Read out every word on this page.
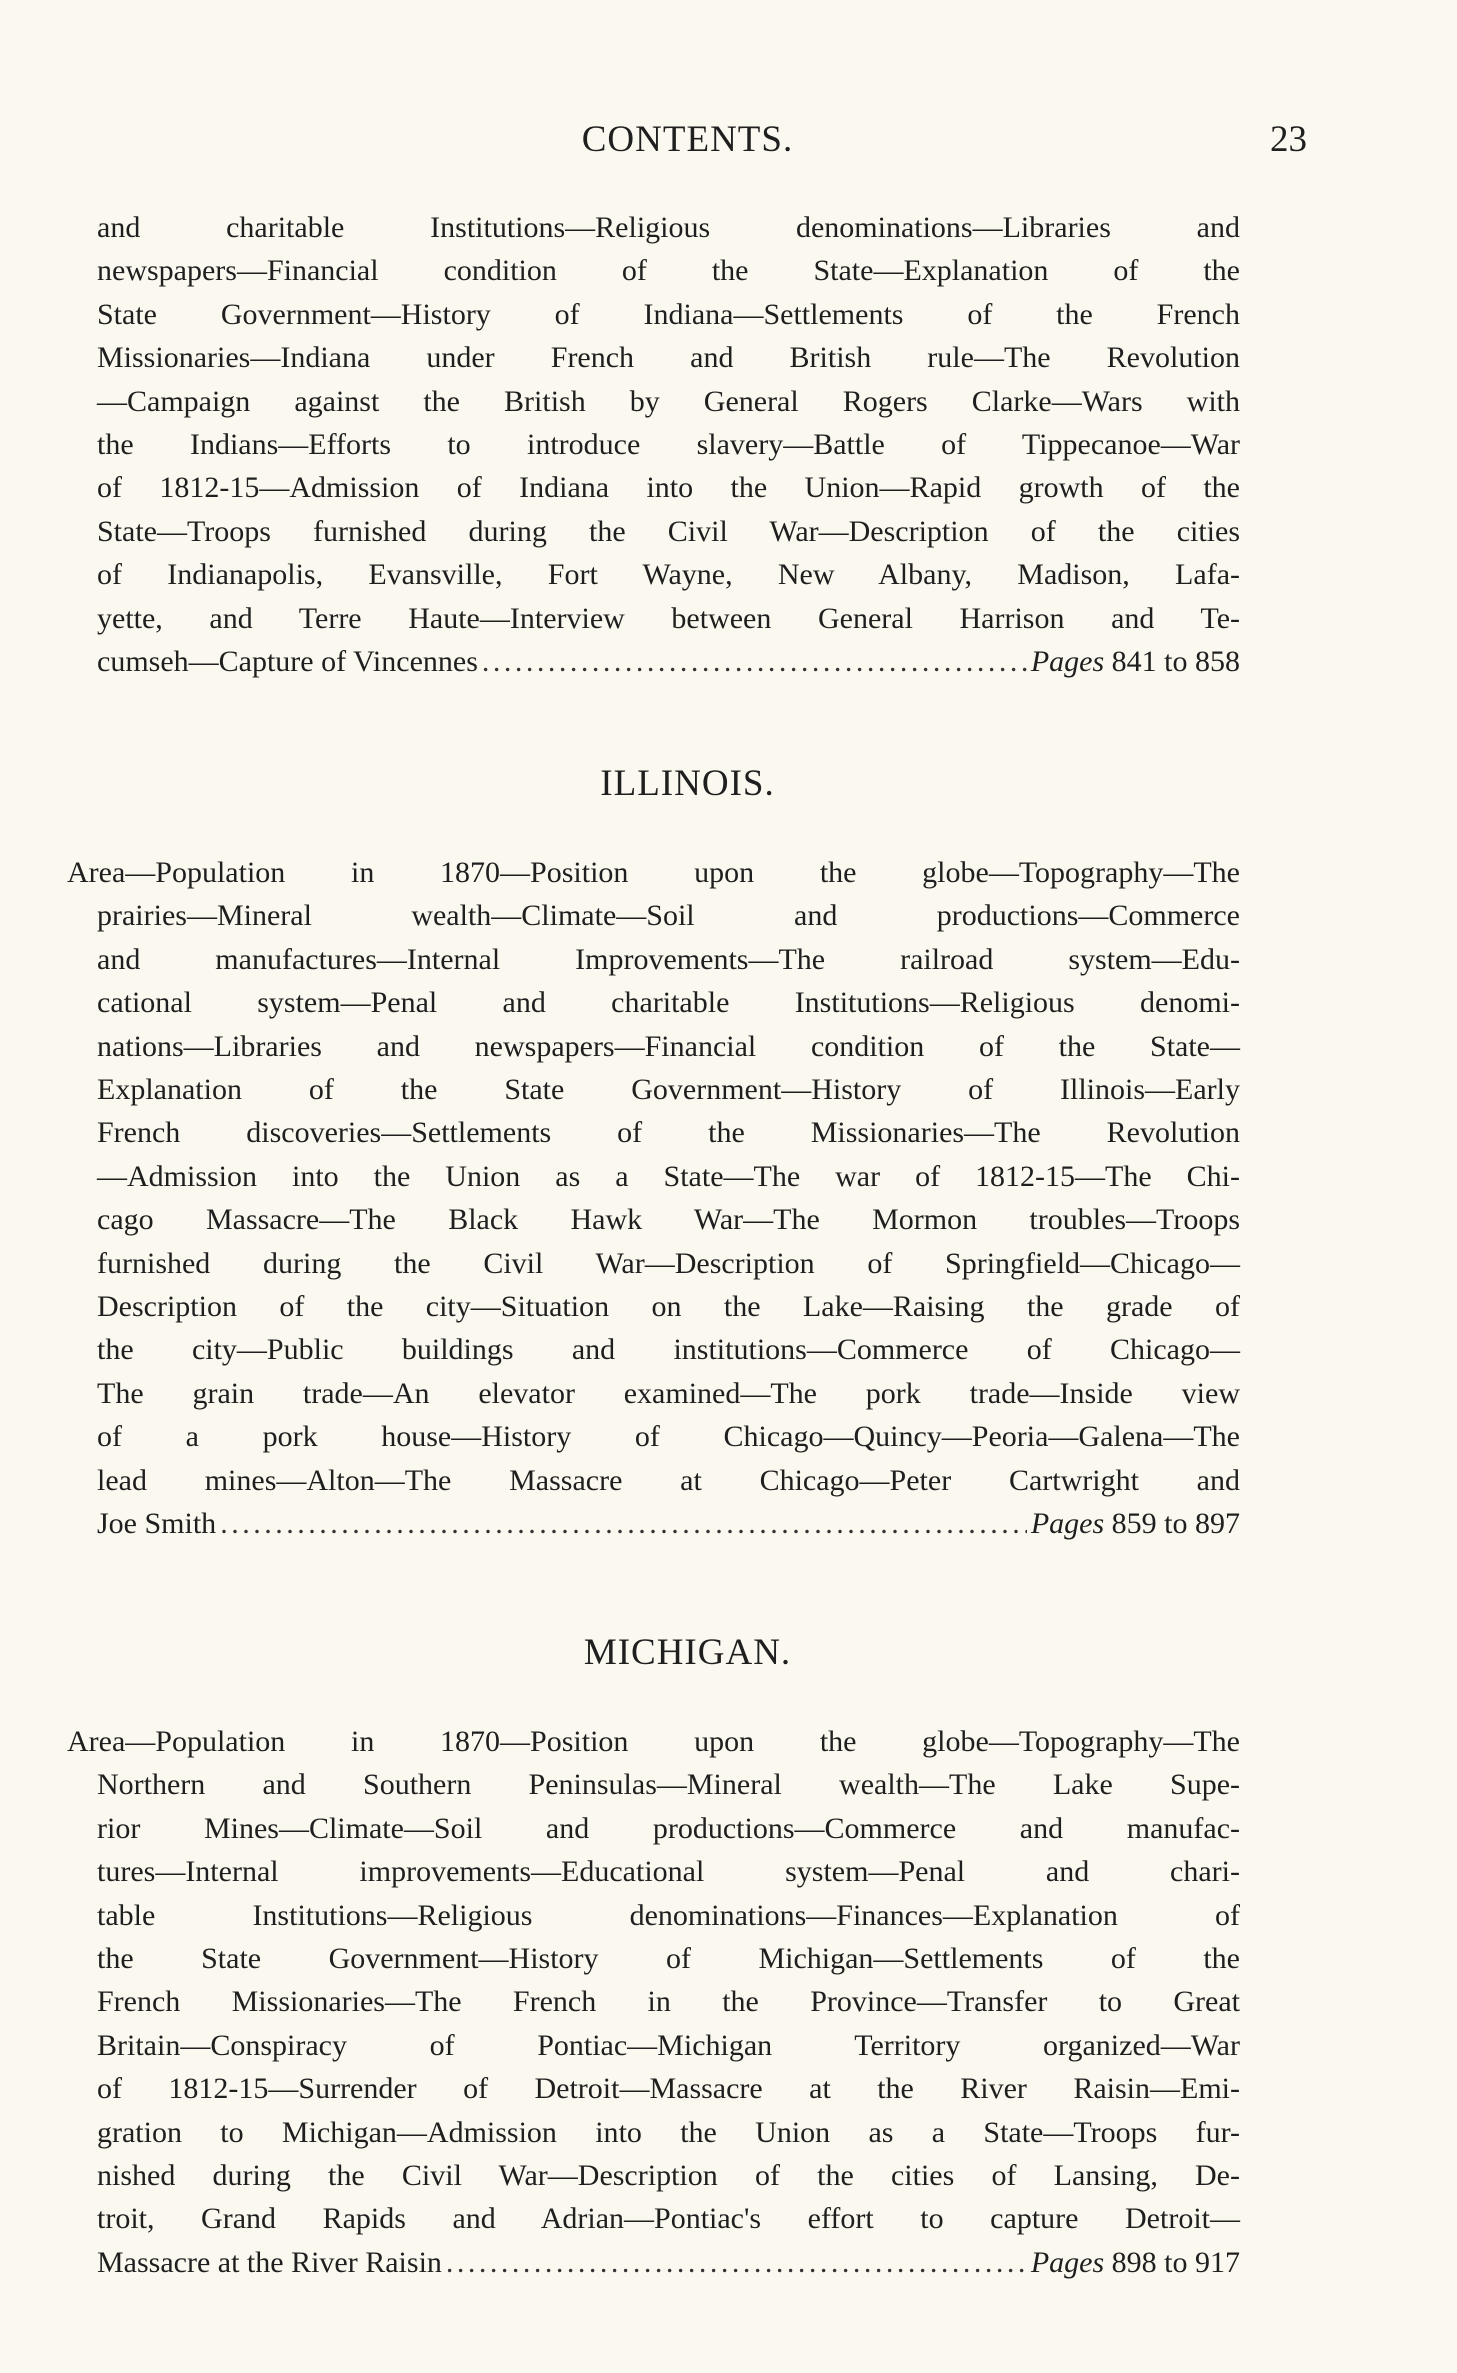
CONTENTS.	23
and charitable Institutions—Religious denominations—Libraries and
newspapers—Financial condition of the State—Explanation of the
State Government—History of Indiana—Settlements of the French
Missionaries—Indiana under French and British rule—The Revolution
—Campaign against the British by General Rogers Clarke—Wars with
the Indians—Efforts to introduce slavery—Battle of Tippecanoe—War
of 1812-15—Admission of Indiana into the Union—Rapid growth of the
State—Troops furnished during the Civil War—Description of the cities
of Indianapolis, Evansville, Fort Wayne, New Albany, Madison, Lafa-
yette, and Terre Haute—Interview between General Harrison and Te-
cumseh—Capture of Vincennes . . .	Pages 841 to 858
ILLINOIS.
Area—Population in 1870—Position upon the globe—Topography—The
prairies—Mineral wealth—Climate—Soil and productions—Commerce
and manufactures—Internal Improvements—The railroad system—Edu-
cational system—Penal and charitable Institutions—Religious denomi-
nations—Libraries and newspapers—Financial condition of the State—
Explanation of the State Government—History of Illinois—Early
French discoveries—Settlements of the Missionaries—The Revolution
—Admission into the Union as a State—The war of 1812-15—The Chi-
cago Massacre—The Black Hawk War—The Mormon troubles—Troops
furnished during the Civil War—Description of Springfield—Chicago—
Description of the city—Situation on the Lake—Raising the grade of
the city—Public buildings and institutions—Commerce of Chicago—
The grain trade—An elevator examined—The pork trade—Inside view
of a pork house—History of Chicago—Quincy—Peoria—Galena—The
lead mines—Alton—The Massacre at Chicago—Peter Cartwright and
Joe Smith . . .	Pages 859 to 897
MICHIGAN.
Area—Population in 1870—Position upon the globe—Topography—The
Northern and Southern Peninsulas—Mineral wealth—The Lake Supe-
rior Mines—Climate—Soil and productions—Commerce and manufac-
tures—Internal improvements—Educational system—Penal and chari-
table Institutions—Religious denominations—Finances—Explanation of
the State Government—History of Michigan—Settlements of the
French Missionaries—The French in the Province—Transfer to Great
Britain—Conspiracy of Pontiac—Michigan Territory organized—War
of 1812-15—Surrender of Detroit—Massacre at the River Raisin—Emi-
gration to Michigan—Admission into the Union as a State—Troops fur-
nished during the Civil War—Description of the cities of Lansing, De-
troit, Grand Rapids and Adrian—Pontiac's effort to capture Detroit—
Massacre at the River Raisin . . .	Pages 898 to 917
